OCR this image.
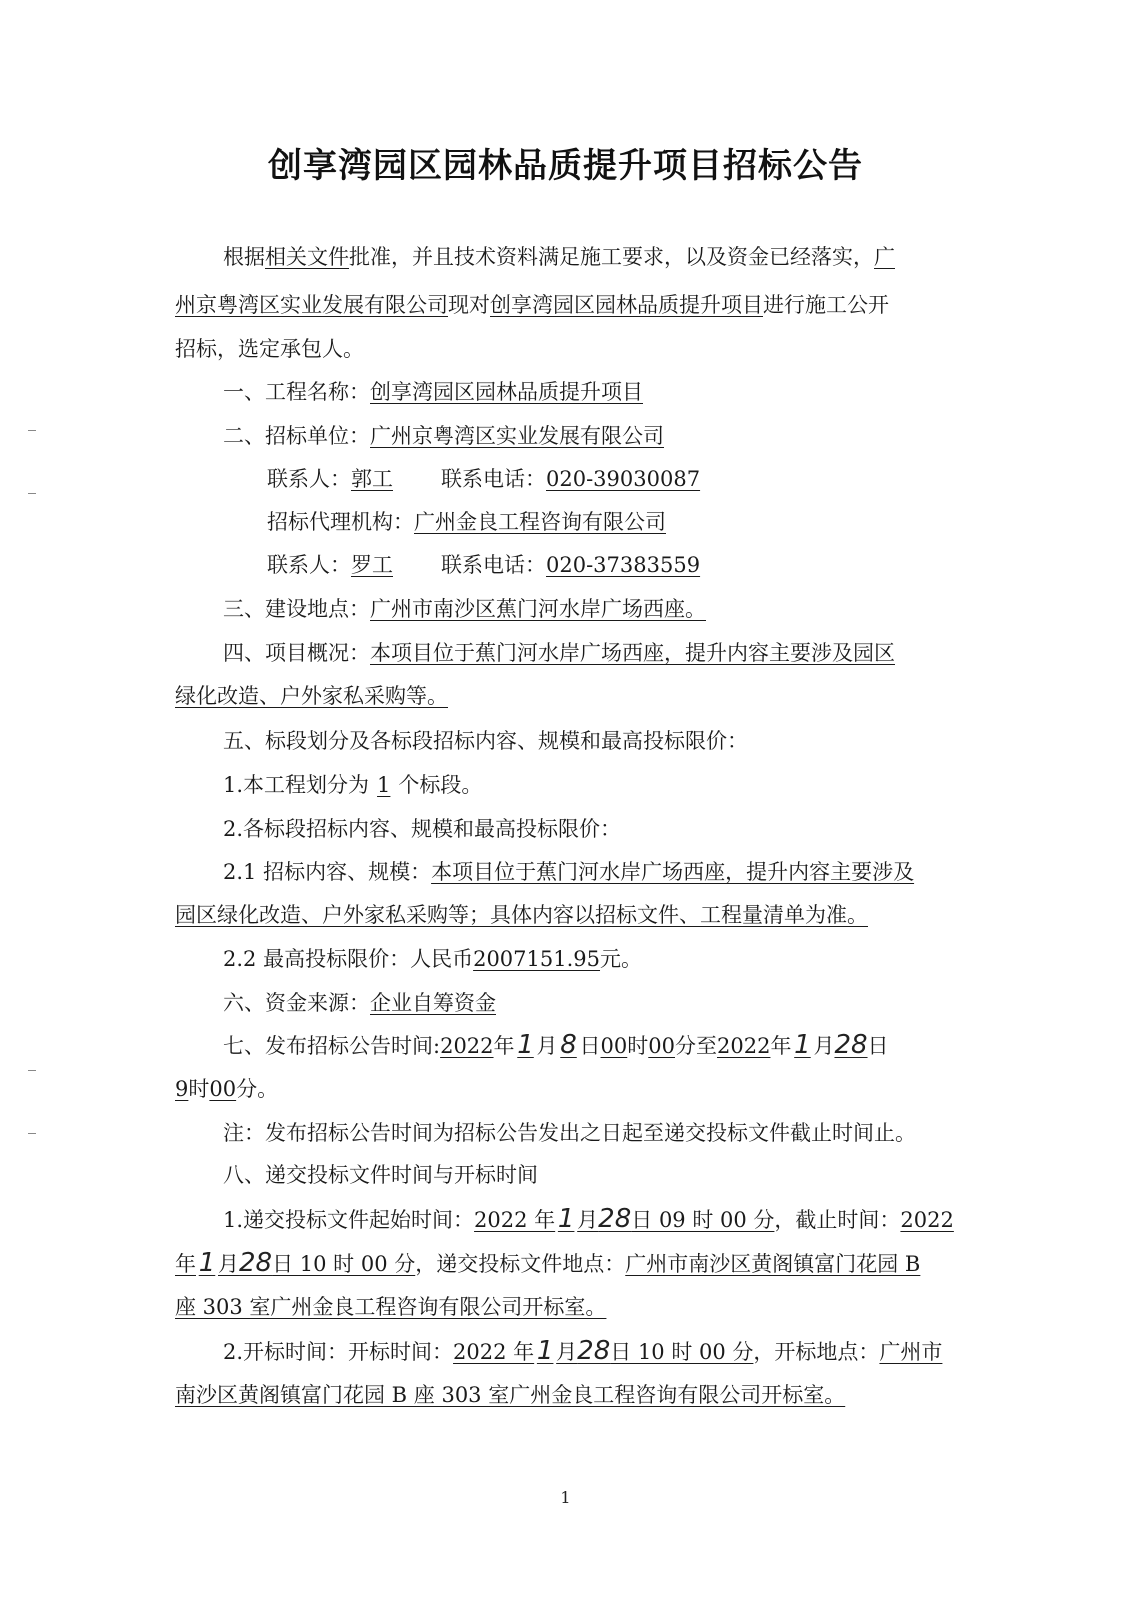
创享湾园区园林品质提升项目招标公告
根据相关文件批准，并且技术资料满足施工要求，以及资金已经落实，广
州京粤湾区实业发展有限公司现对创享湾园区园林品质提升项目进行施工公开
招标，选定承包人。
一、工程名称：创享湾园区园林品质提升项目
二、招标单位：广州京粤湾区实业发展有限公司
联系人：郭工 联系电话：020-39030087
招标代理机构：广州金良工程咨询有限公司
联系人：罗工 联系电话：020-37383559
三、建设地点：广州市南沙区蕉门河水岸广场西座。
四、项目概况：本项目位于蕉门河水岸广场西座，提升内容主要涉及园区
绿化改造、户外家私采购等。
五、标段划分及各标段招标内容、规模和最高投标限价：
1.本工程划分为 1 个标段。
2.各标段招标内容、规模和最高投标限价：
2.1 招标内容、规模：本项目位于蕉门河水岸广场西座，提升内容主要涉及
园区绿化改造、户外家私采购等；具体内容以招标文件、工程量清单为准。
2.2 最高投标限价：人民币2007151.95元。
六、资金来源：企业自筹资金
七、发布招标公告时间:2022年 1 月 8 日00时00分至2022年 1 月28日
9时00分。
注：发布招标公告时间为招标公告发出之日起至递交投标文件截止时间止。
八、递交投标文件时间与开标时间
1.递交投标文件起始时间：2022 年 1 月28日 09 时 00 分，截止时间：2022
年 1 月28日 10 时 00 分，递交投标文件地点：广州市南沙区黄阁镇富门花园 B
座 303 室广州金良工程咨询有限公司开标室。
2.开标时间：开标时间：2022 年 1 月28日 10 时 00 分，开标地点：广州市
南沙区黄阁镇富门花园 B 座 303 室广州金良工程咨询有限公司开标室。
1
